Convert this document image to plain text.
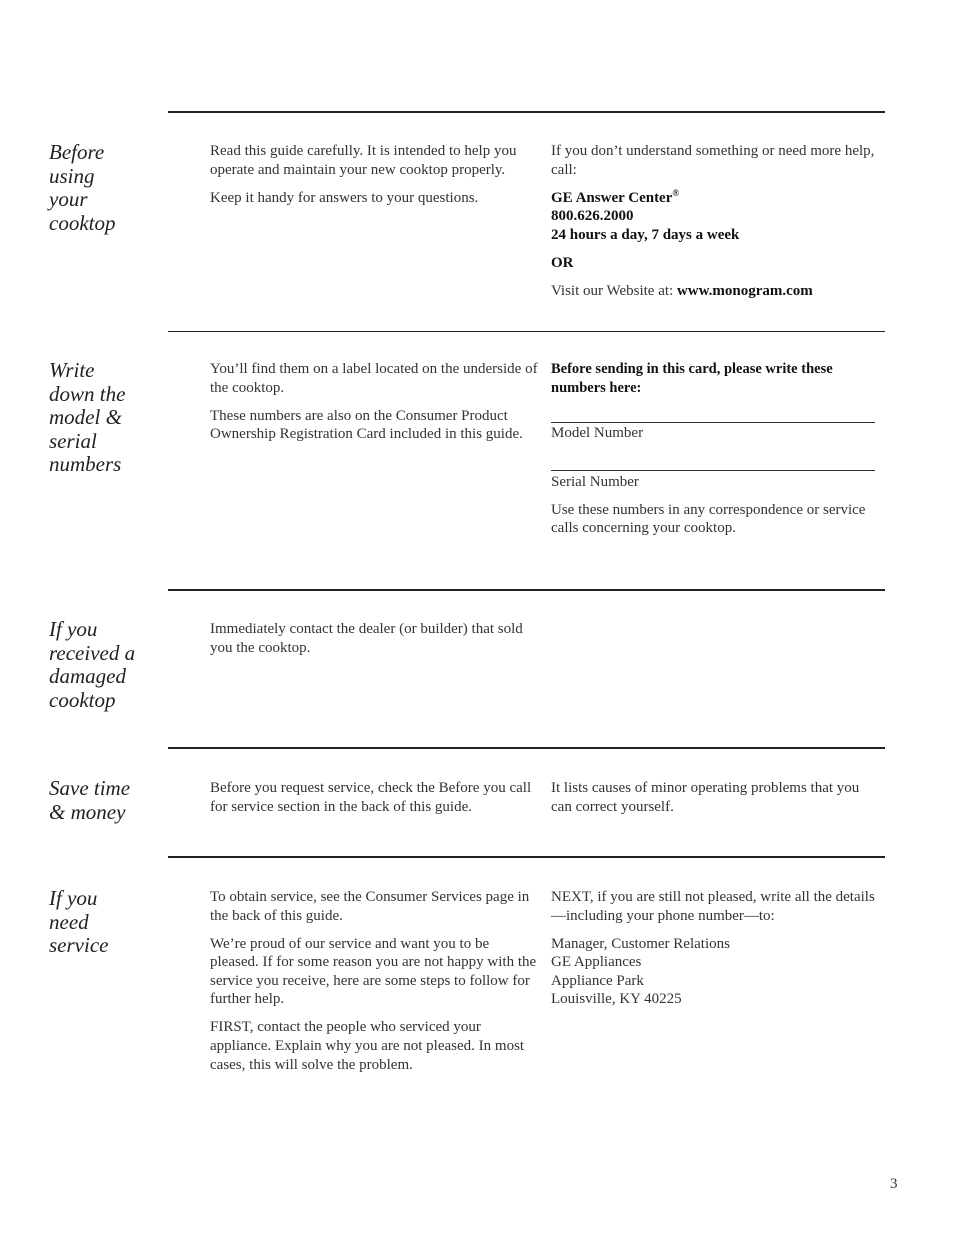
Before
using
your
cooktop

Read this guide carefully. It is intended to help you operate and maintain your new cooktop properly.

Keep it handy for answers to your questions.

If you don’t understand something or need more help, call:

GE Answer Center®
800.626.2000
24 hours a day, 7 days a week

OR

Visit our Website at: www.monogram.com

Write
down the
model &
serial
numbers

You’ll find them on a label located on the underside of the cooktop.

These numbers are also on the Consumer Product Ownership Registration Card included in this guide.

Before sending in this card, please write these numbers here:

Model Number

Serial Number

Use these numbers in any correspondence or service calls concerning your cooktop.

If you
received a
damaged
cooktop

Immediately contact the dealer (or builder) that sold you the cooktop.

Save time
& money

Before you request service, check the Before you call for service section in the back of this guide.

It lists causes of minor operating problems that you can correct yourself.

If you
need
service

To obtain service, see the Consumer Services page in the back of this guide.

We’re proud of our service and want you to be pleased. If for some reason you are not happy with the service you receive, here are some steps to follow for further help.

FIRST, contact the people who serviced your appliance. Explain why you are not pleased. In most cases, this will solve the problem.

NEXT, if you are still not pleased, write all the details—including your phone number—to:

Manager, Customer Relations
GE Appliances
Appliance Park
Louisville, KY 40225

3
